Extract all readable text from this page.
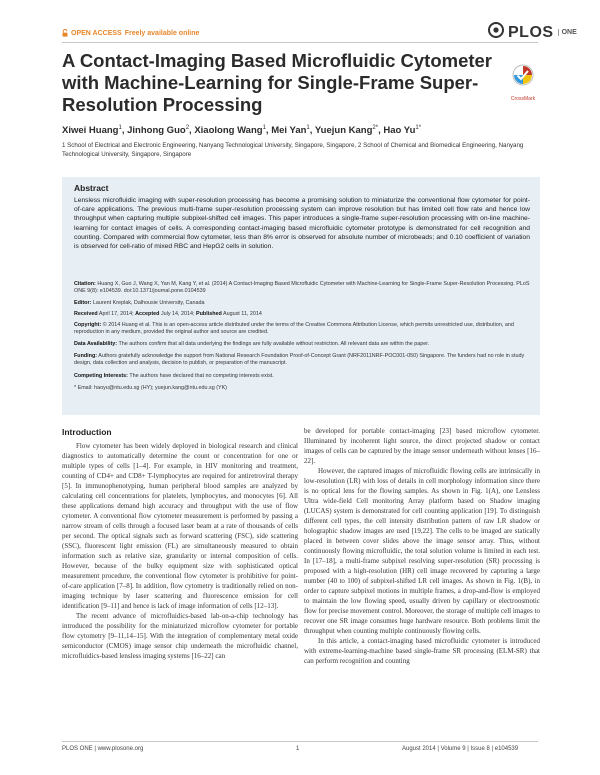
OPEN ACCESS Freely available online	PLOS	ONE
A Contact-Imaging Based Microfluidic Cytometer with Machine-Learning for Single-Frame Super-Resolution Processing	CrossMark
Xiwei Huang$^1$, Jinhong Guo$^2$, Xiaolong Wang$^1$, Mei Yan$^1$, Yuejun Kang$^{2*}$, Hao $Yu^{1*}$
1 School of Electrical and Electronic Engineering, Nanyang Technological University, Singapore, Singapore, 2 School of Chemical and Biomedical Engineering, Nanyang Technological University, Singapore, Singapore
Abstract

Lensless microfluidic imaging with super-resolution processing has become a promising solution to miniaturize the conventional flow cytometer for point-of-care applications. The previous multi-frame super-resolution processing system can improve resolution but has limited cell flow rate and hence low throughput when capturing multiple subpixel-shifted cell images. This paper introduces a single-frame super-resolution processing with on-line machine-learning for contact images of cells. A corresponding contact-imaging based microfluidic cytometer prototype is demonstrated for cell recognition and counting. Compared with commercial flow cytometer, less than 8% error is observed for absolute number of microbeads; and 0.10 coefficient of variation is observed for cell-ratio of mixed RBC and HepG2 cells in solution.

Citation: Huang X, Guo J, Wang X, Yan M, Kang Y, et al. (2014) A Contact-Imaging Based Microfluidic Cytometer with Machine-Learning for Single-Frame Super-Resolution Processing. PLoS ONE 9(8): e104539. doi:10.1371/journal.pone.0104539

Editor: Laurent Kreplak, Dalhousie University, Canada

Received April 17, 2014; Accepted July 14, 2014; Published August 11, 2014

Copyright: © 2014 Huang et al. This is an open-access article distributed under the terms of the Creative Commons Attribution License, which permits unrestricted use, distribution, and reproduction in any medium, provided the original author and source are credited.

Data Availability: The authors confirm that all data underlying the findings are fully available without restriction. All relevant data are within the paper.

Funding: Authors gratefully acknowledge the support from National Research Foundation Proof-of-Concept Grant (NRF2011NRF-POC001-050) Singapore. The funders had no role in study design, data collection and analysis, decision to publish, or preparation of the manuscript.

Competing Interests: The authors have declared that no competing interests exist.

* Email: haoyu@ntu.edu.sg (HY); yuejun.kang@ntu.edu.sg (YK)

Introduction

Flow cytometer has been widely deployed in biological research and clinical diagnostics to automatically determine the count or concentration for one or multiple types of cells [1–4]. For example, in HIV monitoring and treatment, counting of CD4+ and CD8+ T-lymphocytes are required for antiretroviral therapy [5]. In immunophenotyping, human peripheral blood samples are analyzed by calculating cell concentrations for platelets, lymphocytes, and monocytes [6]. All these applications demand high accuracy and throughput with the use of flow cytometer. A conventional flow cytometer measurement is performed by passing a narrow stream of cells through a focused laser beam at a rate of thousands of cells per second. The optical signals such as forward scattering (FSC), side scattering (SSC), fluorescent light emission (FL) are simultaneously measured to obtain information such as relative size, granularity or internal composition of cells. However, because of the bulky equipment size with sophisticated optical measurement procedure, the conventional flow cytometer is prohibitive for point-of-care application [7–8]. In addition, flow cytometry is traditionally relied on non-imaging technique by laser scattering and fluorescence emission for cell identification [9–11] and hence is lack of image information of cells [12–13].

The recent advance of microfluidics-based lab-on-a-chip technology has introduced the possibility for the miniaturized microflow cytometer for portable flow cytometry [9–11,14–15]. With the integration of complementary metal oxide semiconductor (CMOS) image sensor chip underneath the microfluidic channel, microfluidics-based lensless imaging systems [16–22] can

be developed for portable contact-imaging [23] based microflow cytometer. Illuminated by incoherent light source, the direct projected shadow or contact images of cells can be captured by the image sensor underneath without lenses [16–22].

However, the captured images of microfluidic flowing cells are intrinsically in low-resolution (LR) with loss of details in cell morphology information since there is no optical lens for the flowing samples. As shown in Fig. 1(A), one Lensless Ultra wide-field Cell monitoring Array platform based on Shadow imaging (LUCAS) system is demonstrated for cell counting application [19]. To distinguish different cell types, the cell intensity distribution pattern of raw LR shadow or holographic shadow images are used [19,22]. The cells to be imaged are statically placed in between cover slides above the image sensor array. Thus, without continuously flowing microfluidic, the total solution volume is limited in each test. In [17–18], a multi-frame subpixel resolving super-resolution (SR) processing is proposed with a high-resolution (HR) cell image recovered by capturing a large number (40 to 100) of subpixel-shifted LR cell images. As shown in Fig. 1(B), in order to capture subpixel motions in multiple frames, a drop-and-flow is employed to maintain the low flowing speed, usually driven by capillary or electroosmotic flow for precise movement control. Moreover, the storage of multiple cell images to recover one SR image consumes huge hardware resource. Both problems limit the throughput when counting multiple continuously flowing cells.

In this article, a contact-imaging based microfluidic cytometer is introduced with extreme-learning-machine based single-frame SR processing (ELM-SR) that can perform recognition and counting

PLOS ONE | www.plosone.org	1	August 2014 | Volume 9 | Issue 8 | e104539
